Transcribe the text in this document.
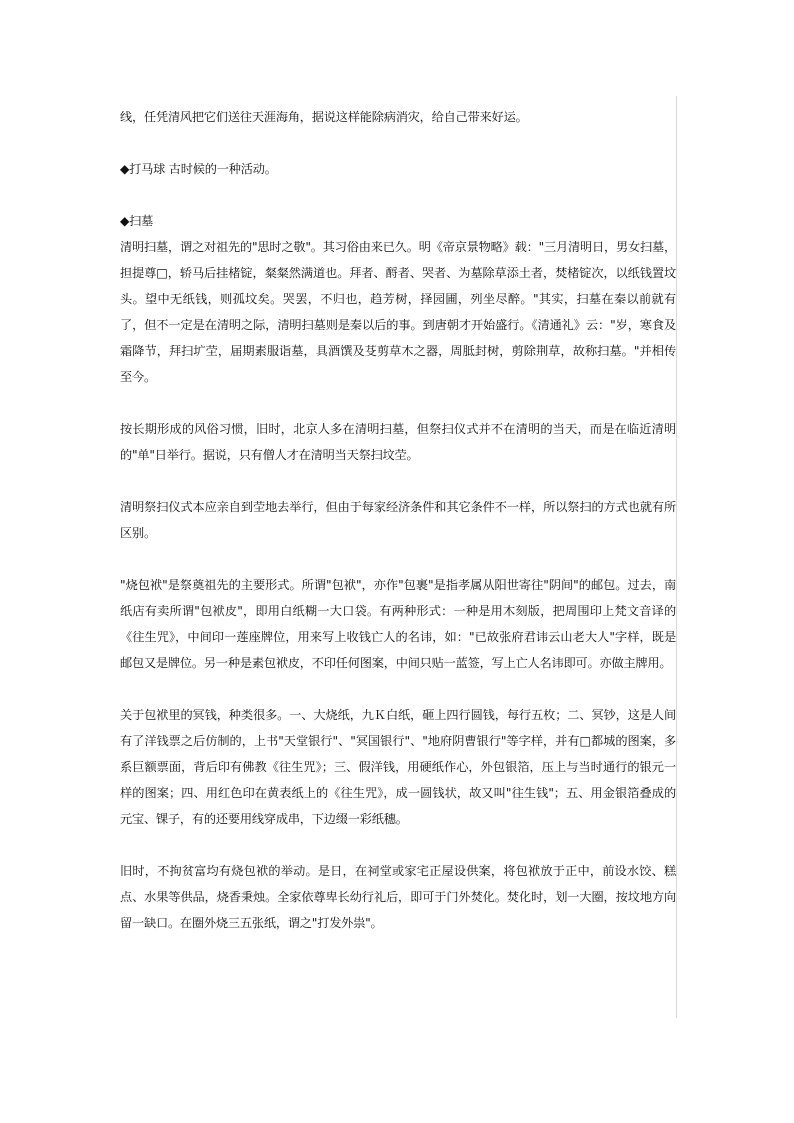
线，任凭清风把它们送往天涯海角，据说这样能除病消灾，给自己带来好运。

◆打马球 古时候的一种活动。

◆扫墓

清明扫墓，谓之对祖先的"思时之敬"。其习俗由来已久。明《帝京景物略》载："三月清明日，男女扫墓，担提尊□，轿马后挂楮锭，粲粲然满道也。拜者、酹者、哭者、为墓除草添土者，焚楮锭次，以纸钱置坟头。望中无纸钱，则孤坟矣。哭罢，不归也，趋芳树，择园圃，列坐尽醉。"其实，扫墓在秦以前就有了，但不一定是在清明之际，清明扫墓则是秦以后的事。到唐朝才开始盛行。《清通礼》云："岁，寒食及霜降节，拜扫圹茔，届期素服诣墓，具酒馔及芟剪草木之器，周胝封树，剪除荆草，故称扫墓。"并相传至今。

按长期形成的风俗习惯，旧时，北京人多在清明扫墓，但祭扫仪式并不在清明的当天，而是在临近清明的"单"日举行。据说，只有僧人才在清明当天祭扫坟茔。

清明祭扫仪式本应亲自到茔地去举行，但由于每家经济条件和其它条件不一样，所以祭扫的方式也就有所区别。

"烧包袱"是祭奠祖先的主要形式。所谓"包袱"，亦作"包裹"是指孝属从阳世寄往"阴间"的邮包。过去，南纸店有卖所谓"包袱皮"，即用白纸糊一大口袋。有两种形式：一种是用木刻版，把周围印上梵文音译的《往生咒》，中间印一莲座牌位，用来写上收钱亡人的名讳，如："已故张府君讳云山老大人"字样，既是邮包又是牌位。另一种是素包袱皮，不印任何图案，中间只贴一蓝签，写上亡人名讳即可。亦做主牌用。

关于包袱里的冥钱，种类很多。一、大烧纸，九Ｋ白纸，砸上四行圆钱，每行五枚；二、冥钞，这是人间有了洋钱票之后仿制的，上书"天堂银行"、"冥国银行"、"地府阴曹银行"等字样，并有□都城的图案，多系巨额票面，背后印有佛教《往生咒》；三、假洋钱，用硬纸作心，外包银箔，压上与当时通行的银元一样的图案；四、用红色印在黄表纸上的《往生咒》，成一圆钱状，故又叫"往生钱"；五、用金银箔叠成的元宝、锞子，有的还要用线穿成串，下边缀一彩纸穗。

旧时，不拘贫富均有烧包袱的举动。是日，在祠堂或家宅正屋设供案，将包袱放于正中，前设水饺、糕点、水果等供品，烧香秉烛。全家依尊卑长幼行礼后，即可于门外焚化。焚化时，划一大圈，按坟地方向留一缺口。在圈外烧三五张纸，谓之"打发外祟"。
